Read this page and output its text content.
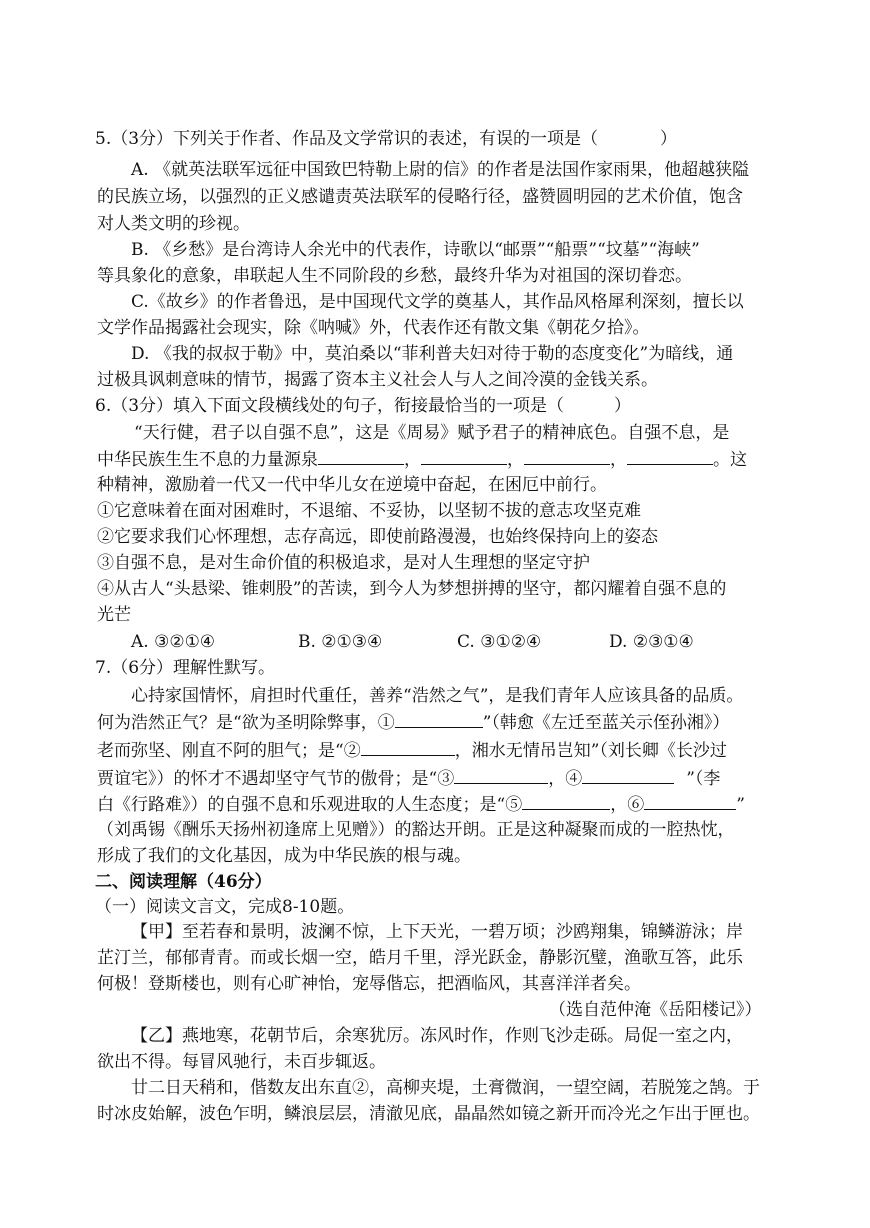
5.（3分）下列关于作者、作品及文学常识的表述，有误的一项是（	）
A. 《就英法联军远征中国致巴特勒上尉的信》的作者是法国作家雨果，他超越狭隘
的民族立场，以强烈的正义感谴责英法联军的侵略行径，盛赞圆明园的艺术价值，饱含
对人类文明的珍视。
B. 《乡愁》是台湾诗人余光中的代表作，诗歌以“邮票”“船票”“坟墓”“海峡”
等具象化的意象，串联起人生不同阶段的乡愁，最终升华为对祖国的深切眷恋。
C.《故乡》的作者鲁迅，是中国现代文学的奠基人，其作品风格犀利深刻，擅长以
文学作品揭露社会现实，除《呐喊》外，代表作还有散文集《朝花夕拾》。
D. 《我的叔叔于勒》中，莫泊桑以“菲利普夫妇对待于勒的态度变化”为暗线，通
过极具讽刺意味的情节，揭露了资本主义社会人与人之间冷漠的金钱关系。
6.（3分）填入下面文段横线处的句子，衔接最恰当的一项是（	）
“天行健，君子以自强不息”，这是《周易》赋予君子的精神底色。自强不息，是
中华民族生生不息的力量源泉	，	，	，	。这
种精神，激励着一代又一代中华儿女在逆境中奋起，在困厄中前行。
①它意味着在面对困难时，不退缩、不妥协，以坚韧不拔的意志攻坚克难
②它要求我们心怀理想，志存高远，即使前路漫漫，也始终保持向上的姿态
③自强不息，是对生命价值的积极追求，是对人生理想的坚定守护
④从古人“头悬梁、锥刺股”的苦读，到今人为梦想拼搏的坚守，都闪耀着自强不息的
光芒
A. ③②①④	B. ②①③④	C. ③①②④	D. ②③①④
7.（6分）理解性默写。
心持家国情怀，肩担时代重任，善养“浩然之气”，是我们青年人应该具备的品质。
何为浩然正气？是“欲为圣明除弊事，①	”（韩愈《左迁至蓝关示侄孙湘》）
老而弥坚、刚直不阿的胆气；是“②	，湘水无情吊岂知”（刘长卿《长沙过
贾谊宅》）的怀才不遇却坚守气节的傲骨；是“③	，④	”（李
白《行路难》）的自强不息和乐观进取的人生态度；是“⑤	，⑥	”
（刘禹锡《酬乐天扬州初逢席上见赠》）的豁达开朗。正是这种凝聚而成的一腔热忱，
形成了我们的文化基因，成为中华民族的根与魂。
二、阅读理解（46分）
（一）阅读文言文，完成8-10题。
【甲】至若春和景明，波澜不惊，上下天光，一碧万顷；沙鸥翔集，锦鳞游泳；岸
芷汀兰，郁郁青青。而或长烟一空，皓月千里，浮光跃金，静影沉璧，渔歌互答，此乐
何极！登斯楼也，则有心旷神怡，宠辱偕忘，把酒临风，其喜洋洋者矣。
（选自范仲淹《岳阳楼记》）
【乙】燕地寒，花朝节后，余寒犹厉。冻风时作，作则飞沙走砾。局促一室之内，
欲出不得。每冒风驰行，未百步辄返。
廿二日天稍和，偕数友出东直②，高柳夹堤，土膏微润，一望空阔，若脱笼之鹄。于
时冰皮始解，波色乍明，鳞浪层层，清澈见底，晶晶然如镜之新开而冷光之乍出于匣也。
